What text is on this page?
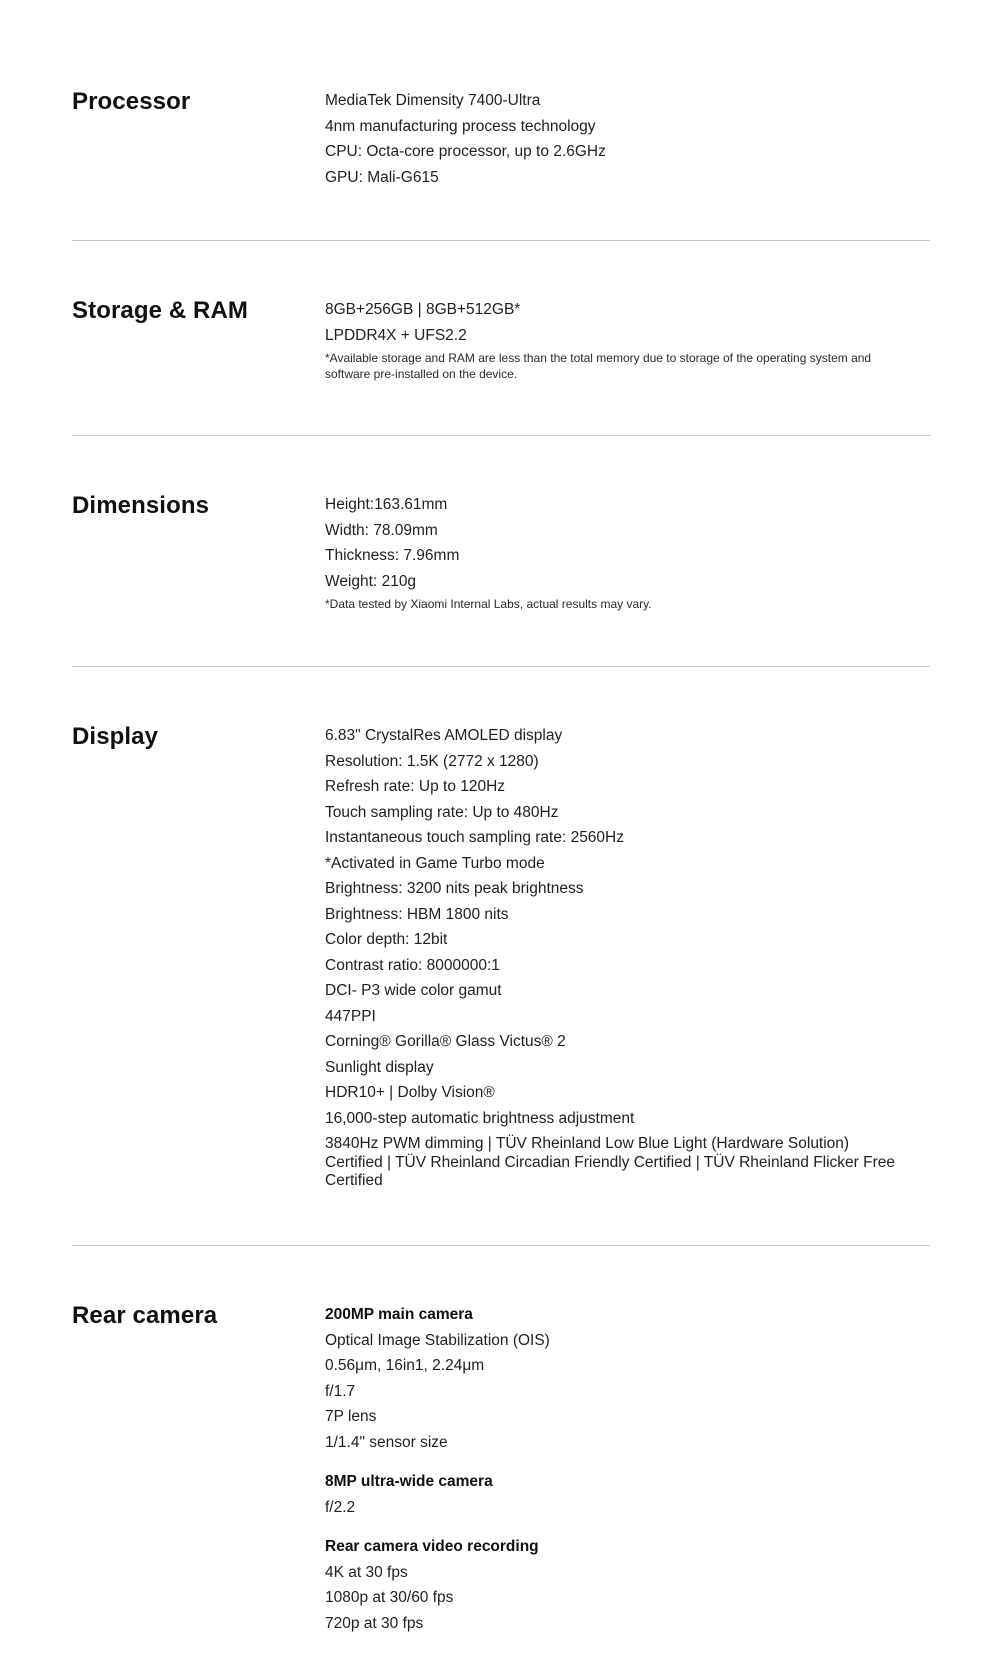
Processor	MediaTek Dimensity 7400-Ultra
4nm manufacturing process technology
CPU: Octa-core processor, up to 2.6GHz
GPU: Mali-G615
Storage & RAM	8GB+256GB | 8GB+512GB*
LPDDR4X + UFS2.2
*Available storage and RAM are less than the total memory due to storage of the operating system and software pre-installed on the device.
Dimensions	Height:163.61mm
Width: 78.09mm
Thickness: 7.96mm
Weight: 210g
*Data tested by Xiaomi Internal Labs, actual results may vary.
Display	6.83" CrystalRes AMOLED display
Resolution: 1.5K (2772 x 1280)
Refresh rate: Up to 120Hz
Touch sampling rate: Up to 480Hz
Instantaneous touch sampling rate: 2560Hz
*Activated in Game Turbo mode
Brightness: 3200 nits peak brightness
Brightness: HBM 1800 nits
Color depth: 12bit
Contrast ratio: 8000000:1
DCI- P3 wide color gamut
447PPI
Corning® Gorilla® Glass Victus® 2
Sunlight display
HDR10+ | Dolby Vision®
16,000-step automatic brightness adjustment
3840Hz PWM dimming | TÜV Rheinland Low Blue Light (Hardware Solution) Certified | TÜV Rheinland Circadian Friendly Certified | TÜV Rheinland Flicker Free Certified
Rear camera	200MP main camera
Optical Image Stabilization (OIS)
0.56μm, 16in1, 2.24μm
f/1.7
7P lens
1/1.4" sensor size
8MP ultra-wide camera
f/2.2
Rear camera video recording
4K at 30 fps
1080p at 30/60 fps
720p at 30 fps
